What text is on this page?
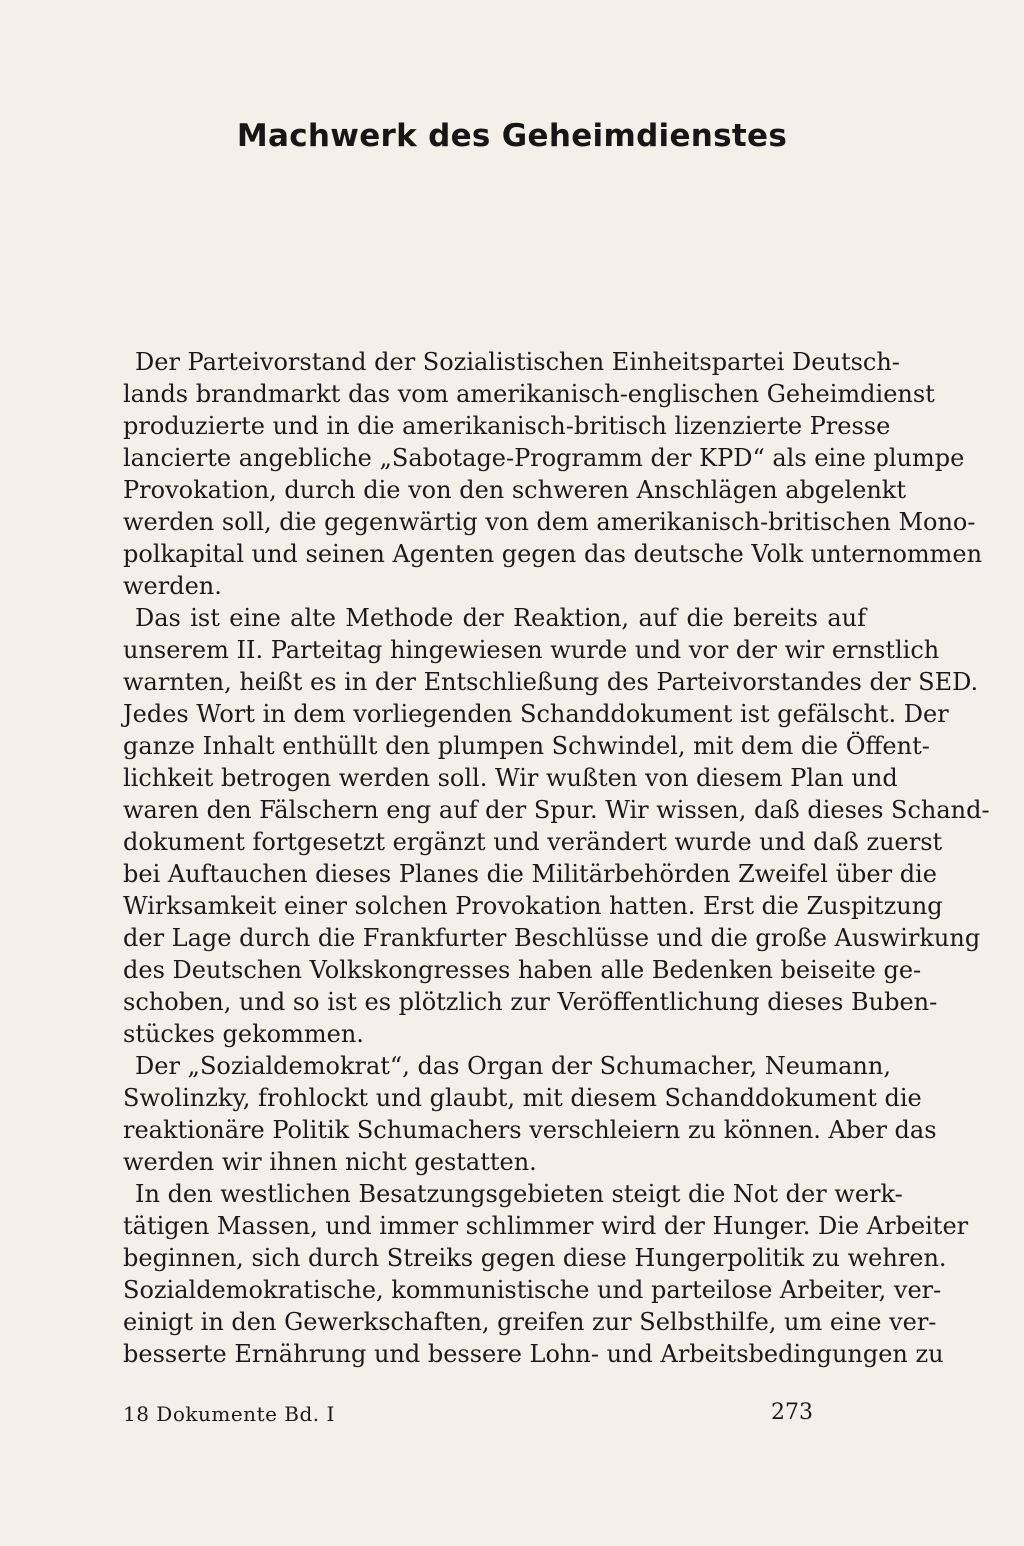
Machwerk des Geheimdienstes
Der Parteivorstand der Sozialistischen Einheitspartei Deutsch-
lands brandmarkt das vom amerikanisch-englischen Geheimdienst
produzierte und in die amerikanisch-britisch lizenzierte Presse
lancierte angebliche „Sabotage-Programm der KPD“ als eine plumpe
Provokation, durch die von den schweren Anschlägen abgelenkt
werden soll, die gegenwärtig von dem amerikanisch-britischen Mono-
polkapital und seinen Agenten gegen das deutsche Volk unternommen
werden.
Das ist eine alte Methode der Reaktion, auf die bereits auf
unserem II. Parteitag hingewiesen wurde und vor der wir ernstlich
warnten, heißt es in der Entschließung des Parteivorstandes der SED.
Jedes Wort in dem vorliegenden Schanddokument ist gefälscht. Der
ganze Inhalt enthüllt den plumpen Schwindel, mit dem die Öffent-
lichkeit betrogen werden soll. Wir wußten von diesem Plan und
waren den Fälschern eng auf der Spur. Wir wissen, daß dieses Schand-
dokument fortgesetzt ergänzt und verändert wurde und daß zuerst
bei Auftauchen dieses Planes die Militärbehörden Zweifel über die
Wirksamkeit einer solchen Provokation hatten. Erst die Zuspitzung
der Lage durch die Frankfurter Beschlüsse und die große Auswirkung
des Deutschen Volkskongresses haben alle Bedenken beiseite ge-
schoben, und so ist es plötzlich zur Veröffentlichung dieses Buben-
stückes gekommen.
Der „Sozialdemokrat“, das Organ der Schumacher, Neumann,
Swolinzky, frohlockt und glaubt, mit diesem Schanddokument die
reaktionäre Politik Schumachers verschleiern zu können. Aber das
werden wir ihnen nicht gestatten.
In den westlichen Besatzungsgebieten steigt die Not der werk-
tätigen Massen, und immer schlimmer wird der Hunger. Die Arbeiter
beginnen, sich durch Streiks gegen diese Hungerpolitik zu wehren.
Sozialdemokratische, kommunistische und parteilose Arbeiter, ver-
einigt in den Gewerkschaften, greifen zur Selbsthilfe, um eine ver-
besserte Ernährung und bessere Lohn- und Arbeitsbedingungen zu
18 Dokumente Bd. I	273
